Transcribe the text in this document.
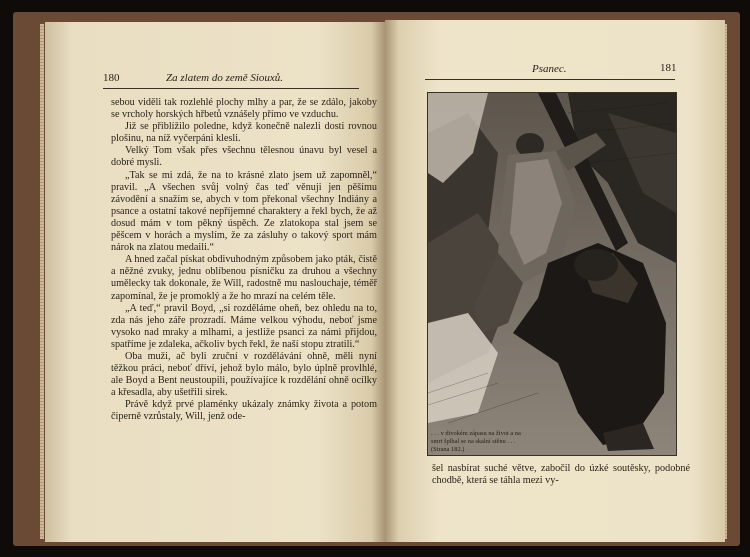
180	Za zlatem do země Siouxů.

sebou viděli tak rozlehlé plochy mlhy a par, že se zdálo, jakoby se vrcholy horských hřbetů vznášely přímo ve vzduchu.

Již se přiblížilo poledne, když konečně nalezli dosti rovnou plošinu, na níž vyčerpáni klesli.

Velký Tom však přes všechnu tělesnou únavu byl vesel a dobré mysli.

„Tak se mi zdá, že na to krásné zlato jsem už zapomněl,“ pravil. „A všechen svůj volný čas teď věnuji jen pěšímu závodění a snažím se, abych v tom překonal všechny Indiány a psance a ostatní takové nepříjemné charaktery a řekl bych, že až dosud mám v tom pěkný úspěch. Ze zlatokopa stal jsem se pěšcem v horách a myslím, že za zásluhy o takový sport mám nárok na zlatou medaili.“

A hned začal pískat obdivuhodným způsobem jako pták, čistě a něžné zvuky, jednu oblíbenou písničku za druhou a všechny umělecky tak dokonale, že Will, radostně mu naslouchaje, téměř zapomínal, že je promoklý a že ho mrazí na celém těle.

„A teď,“ pravil Boyd, „si rozděláme oheň, bez ohledu na to, zda nás jeho záře prozradí. Máme velkou výhodu, neboť jsme vysoko nad mraky a mlhami, a jestliže psanci za námi přijdou, spatříme je zdaleka, ačkoliv bych řekl, že naší stopu ztratili.“

Oba muži, ač byli zruční v rozdělávání ohně, měli nyní těžkou práci, neboť dříví, jehož bylo málo, bylo úplně provlhlé, ale Boyd a Bent neustoupili, používajíce k rozdělání ohně ocílky a křesadla, aby ušetřili sirek.

Právě když prvé plaménky ukázaly známky života a potom čiperně vzrůstaly, Will, jenž ode-

Psanec.	181
. . . v divokém zápasu na život a na
smrt šplhal se na skalní stěnu . . .
(Strana 182.)

šel nasbírat suché větve, zabočil do úzké soutěsky, podobné chodbě, která se táhla mezi vy-
